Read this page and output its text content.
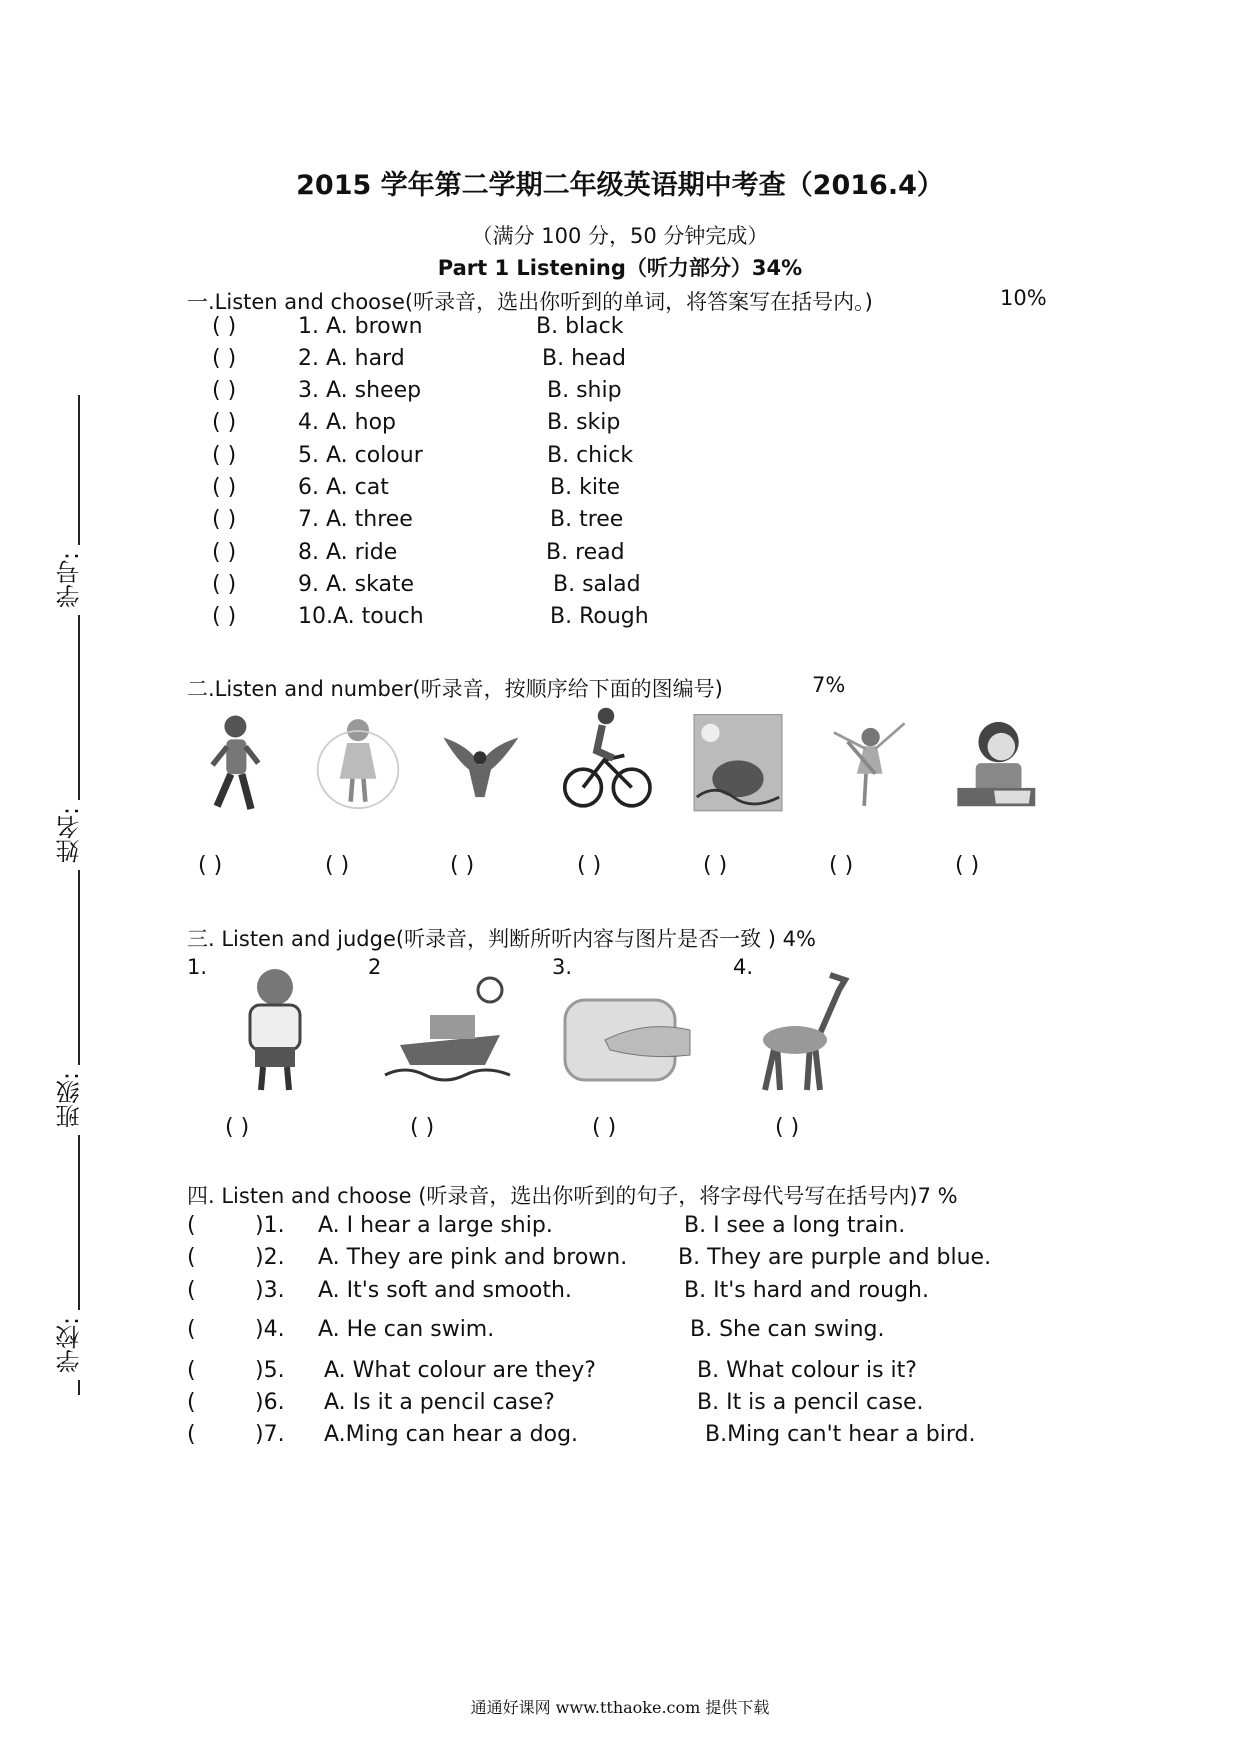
学号:
姓名:
班级:
学校:
2015 学年第二学期二年级英语期中考查（2016.4）
（满分 100 分，50 分钟完成）
Part 1 Listening（听力部分）34%
一.Listen and choose(听录音，选出你听到的单词，将答案写在括号内。)	10%
( )	1. A. brown	B. black
( )	2. A. hard	B. head
( )	3. A. sheep	B. ship
( )	4. A. hop	B. skip
( )	5. A. colour	B. chick
( )	6. A. cat	B. kite
( )	7. A. three	B. tree
( )	8. A. ride	B. read
( )	9. A. skate	B. salad
( )	10.A. touch	B. Rough
二.Listen and number(听录音，按顺序给下面的图编号)	7%
( )	( )	( )	( )	( )	( )	( )
三. Listen and judge(听录音，判断所听内容与图片是否一致 ) 4%
1.	2	3.	4.
( )	( )	( )	( )
四. Listen and choose (听录音，选出你听到的句子，将字母代号写在括号内)7 %
(	)1. A. I hear a large ship.	B. I see a long train.
(	)2. A. They are pink and brown. B. They are purple and blue.
(	)3. A. It's soft and smooth.	B. It's hard and rough.
(	)4. A. He can swim.	B. She can swing.
(	)5. A. What colour are they?	B. What colour is it?
(	)6. A. Is it a pencil case?	B. It is a pencil case.
(	)7. A.Ming can hear a dog.	B.Ming can't hear a bird.
通通好课网 www.tthaoke.com 提供下载
